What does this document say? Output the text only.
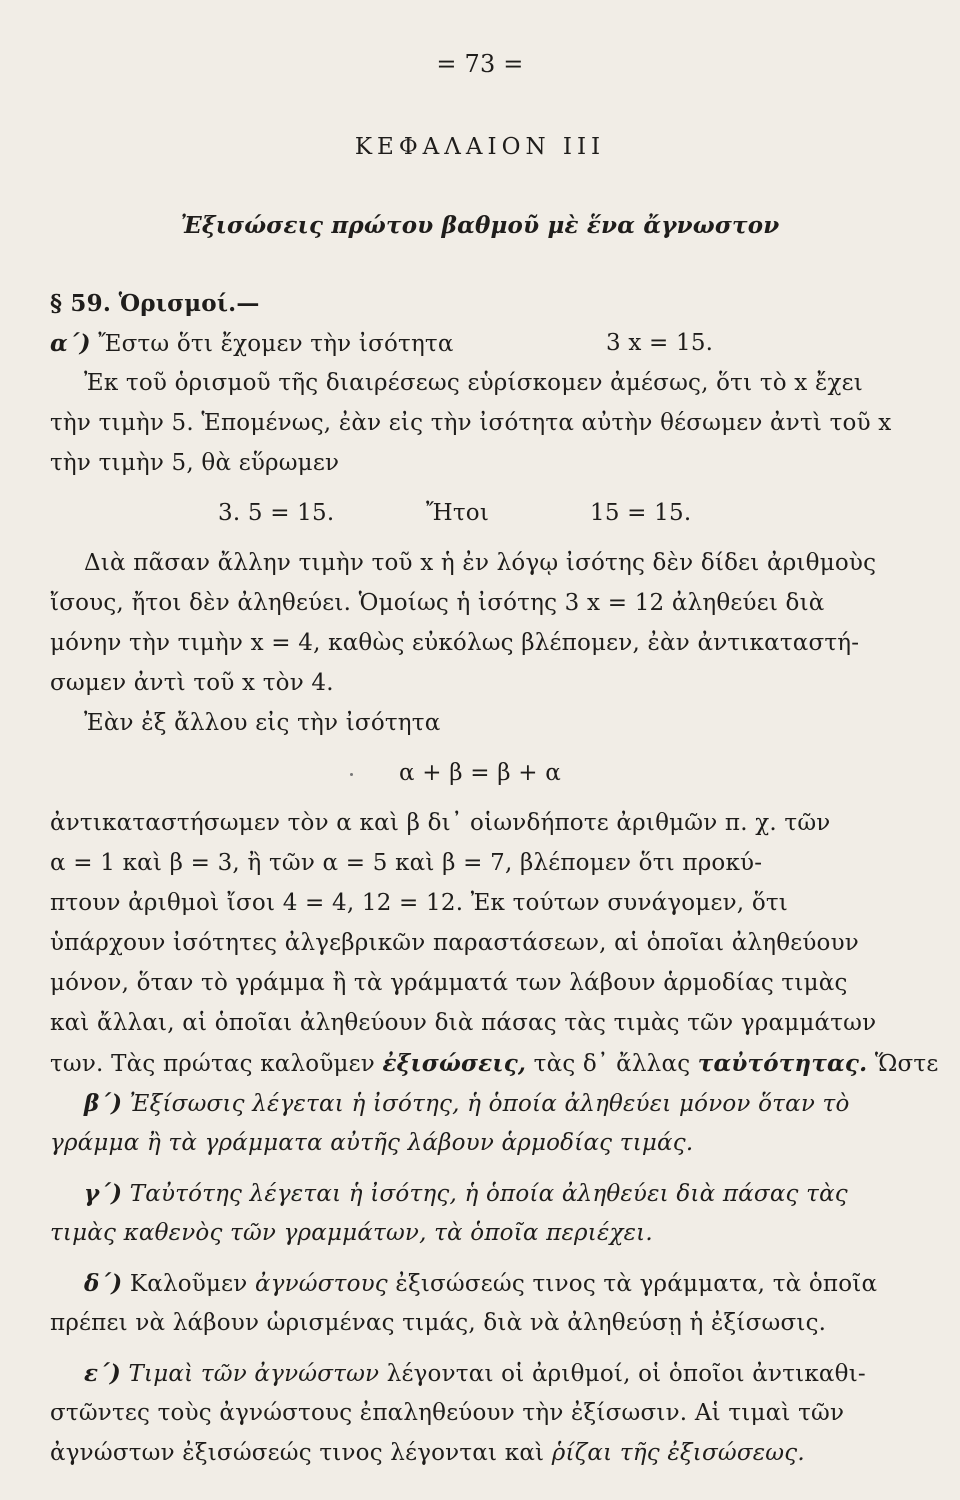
= 73 =
ΚΕΦΑΛΑΙΟΝ III
Ἐξισώσεις πρώτου βαθμοῦ μὲ ἕνα ἄγνωστον
§ 59. Ὁρισμοί.—
α΄) Ἔστω ὅτι ἔχομεν τὴν ἰσότητα	3 x = 15.
Ἐκ τοῦ ὁρισμοῦ τῆς διαιρέσεως εὑρίσκομεν ἀμέσως, ὅτι τὸ x ἔχει
τὴν τιμὴν 5. Ἑπομένως, ἐὰν εἰς τὴν ἰσότητα αὐτὴν θέσωμεν ἀντὶ τοῦ x
τὴν τιμὴν 5, θὰ εὕρωμεν
3. 5 = 15.	Ἤτοι	15 = 15.
Διὰ πᾶσαν ἄλλην τιμὴν τοῦ x ἡ ἐν λόγῳ ἰσότης δὲν δίδει ἀριθμοὺς
ἴσους, ἤτοι δὲν ἀληθεύει. Ὁμοίως ἡ ἰσότης 3 x = 12 ἀληθεύει διὰ
μόνην τὴν τιμὴν x = 4, καθὼς εὐκόλως βλέπομεν, ἐὰν ἀντικαταστή-
σωμεν ἀντὶ τοῦ x τὸν 4.
Ἐὰν ἐξ ἄλλου εἰς τὴν ἰσότητα
α + β = β + α
ἀντικαταστήσωμεν τὸν α καὶ β δι᾽ οἱωνδήποτε ἀριθμῶν π. χ. τῶν
α = 1 καὶ β = 3, ἢ τῶν α = 5 καὶ β = 7, βλέπομεν ὅτι προκύ-
πτουν ἀριθμοὶ ἴσοι 4 = 4, 12 = 12. Ἐκ τούτων συνάγομεν, ὅτι
ὑπάρχουν ἰσότητες ἀλγεβρικῶν παραστάσεων, αἱ ὁποῖαι ἀληθεύουν
μόνον, ὅταν τὸ γράμμα ἢ τὰ γράμματά των λάβουν ἁρμοδίας τιμὰς
καὶ ἄλλαι, αἱ ὁποῖαι ἀληθεύουν διὰ πάσας τὰς τιμὰς τῶν γραμμάτων
των. Τὰς πρώτας καλοῦμεν ἐξισώσεις, τὰς δ᾽ ἄλλας ταὐτότητας. Ὥστε
β΄) Ἐξίσωσις λέγεται ἡ ἰσότης, ἡ ὁποία ἀληθεύει μόνον ὅταν τὸ
γράμμα ἢ τὰ γράμματα αὐτῆς λάβουν ἁρμοδίας τιμάς.
γ΄) Ταὐτότης λέγεται ἡ ἰσότης, ἡ ὁποία ἀληθεύει διὰ πάσας τὰς
τιμὰς καθενὸς τῶν γραμμάτων, τὰ ὁποῖα περιέχει.
δ΄) Καλοῦμεν ἀγνώστους ἐξισώσεώς τινος τὰ γράμματα, τὰ ὁποῖα
πρέπει νὰ λάβουν ὡρισμένας τιμάς, διὰ νὰ ἀληθεύσῃ ἡ ἐξίσωσις.
ε΄) Τιμαὶ τῶν ἀγνώστων λέγονται οἱ ἀριθμοί, οἱ ὁποῖοι ἀντικαθι-
στῶντες τοὺς ἀγνώστους ἐπαληθεύουν τὴν ἐξίσωσιν. Αἱ τιμαὶ τῶν
ἀγνώστων ἐξισώσεώς τινος λέγονται καὶ ῥίζαι τῆς ἐξισώσεως.
